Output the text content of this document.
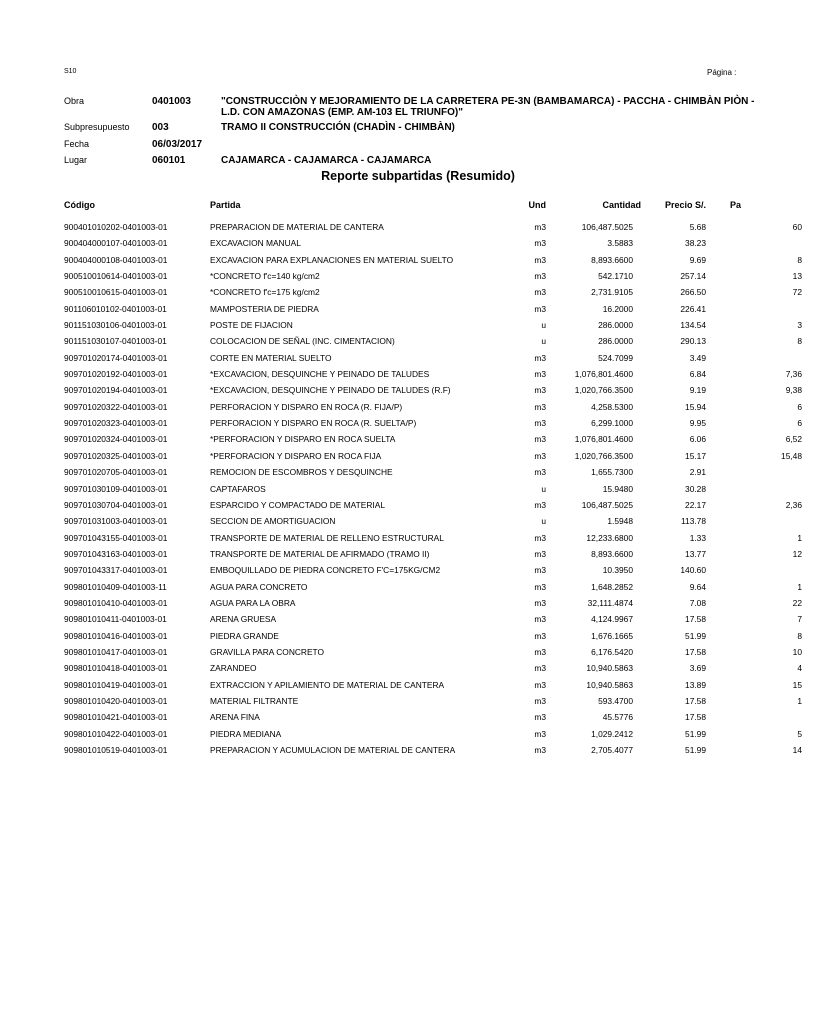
S10	Página :
Obra	0401003	"CONSTRUCCIÒN Y MEJORAMIENTO DE LA CARRETERA PE-3N (BAMBAMARCA) - PACCHA - CHIMBÀN PIÒN - L.D. CON AMAZONAS (EMP. AM-103 EL TRIUNFO)"
Subpresupuesto 003	TRAMO II CONSTRUCCIÓN (CHADÌN - CHIMBÀN)
Fecha	06/03/2017
Lugar	060101	CAJAMARCA - CAJAMARCA - CAJAMARCA
Reporte subpartidas (Resumido)
Código	Partida	Und	Cantidad	Precio S/.	Pa
900401010202-0401003-01	PREPARACION DE MATERIAL DE CANTERA	m3	106,487.5025	5.68	60
900404000107-0401003-01	EXCAVACION MANUAL	m3	3.5883	38.23
900404000108-0401003-01	EXCAVACION PARA EXPLANACIONES EN MATERIAL SUELTO	m3	8,893.6600	9.69	8
900510010614-0401003-01	*CONCRETO f'c=140 kg/cm2	m3	542.1710	257.14	13
900510010615-0401003-01	*CONCRETO f'c=175 kg/cm2	m3	2,731.9105	266.50	72
901106010102-0401003-01	MAMPOSTERIA DE PIEDRA	m3	16.2000	226.41
901151030106-0401003-01	POSTE DE FIJACION	u	286.0000	134.54	3
901151030107-0401003-01	COLOCACION DE SEÑAL (INC. CIMENTACION)	u	286.0000	290.13	8
909701020174-0401003-01	CORTE EN MATERIAL SUELTO	m3	524.7099	3.49
909701020192-0401003-01	*EXCAVACION, DESQUINCHE Y PEINADO DE TALUDES	m3	1,076,801.4600	6.84	7,36
909701020194-0401003-01	*EXCAVACION, DESQUINCHE Y PEINADO DE TALUDES (R.F)	m3	1,020,766.3500	9.19	9,38
909701020322-0401003-01	PERFORACION Y DISPARO EN ROCA (R. FIJA/P)	m3	4,258.5300	15.94	6
909701020323-0401003-01	PERFORACION Y DISPARO EN ROCA (R. SUELTA/P)	m3	6,299.1000	9.95	6
909701020324-0401003-01	*PERFORACION Y DISPARO EN ROCA SUELTA	m3	1,076,801.4600	6.06	6,52
909701020325-0401003-01	*PERFORACION Y DISPARO EN ROCA FIJA	m3	1,020,766.3500	15.17	15,48
909701020705-0401003-01	REMOCION DE ESCOMBROS Y DESQUINCHE	m3	1,655.7300	2.91
909701030109-0401003-01	CAPTAFAROS	u	15.9480	30.28
909701030704-0401003-01	ESPARCIDO Y COMPACTADO DE MATERIAL	m3	106,487.5025	22.17	2,36
909701031003-0401003-01	SECCION DE AMORTIGUACION	u	1.5948	113.78
909701043155-0401003-01	TRANSPORTE DE MATERIAL DE RELLENO ESTRUCTURAL	m3	12,233.6800	1.33	1
909701043163-0401003-01	TRANSPORTE DE MATERIAL DE AFIRMADO (TRAMO II)	m3	8,893.6600	13.77	12
909701043317-0401003-01	EMBOQUILLADO DE PIEDRA CONCRETO F'C=175KG/CM2	m3	10.3950	140.60
909801010409-0401003-11	AGUA PARA CONCRETO	m3	1,648.2852	9.64	1
909801010410-0401003-01	AGUA PARA LA OBRA	m3	32,111.4874	7.08	22
909801010411-0401003-01	ARENA GRUESA	m3	4,124.9967	17.58	7
909801010416-0401003-01	PIEDRA GRANDE	m3	1,676.1665	51.99	8
909801010417-0401003-01	GRAVILLA PARA CONCRETO	m3	6,176.5420	17.58	10
909801010418-0401003-01	ZARANDEO	m3	10,940.5863	3.69	4
909801010419-0401003-01	EXTRACCION Y APILAMIENTO DE MATERIAL DE CANTERA	m3	10,940.5863	13.89	15
909801010420-0401003-01	MATERIAL FILTRANTE	m3	593.4700	17.58	1
909801010421-0401003-01	ARENA FINA	m3	45.5776	17.58
909801010422-0401003-01	PIEDRA MEDIANA	m3	1,029.2412	51.99	5
909801010519-0401003-01	PREPARACION Y ACUMULACION DE MATERIAL DE CANTERA	m3	2,705.4077	51.99	14
